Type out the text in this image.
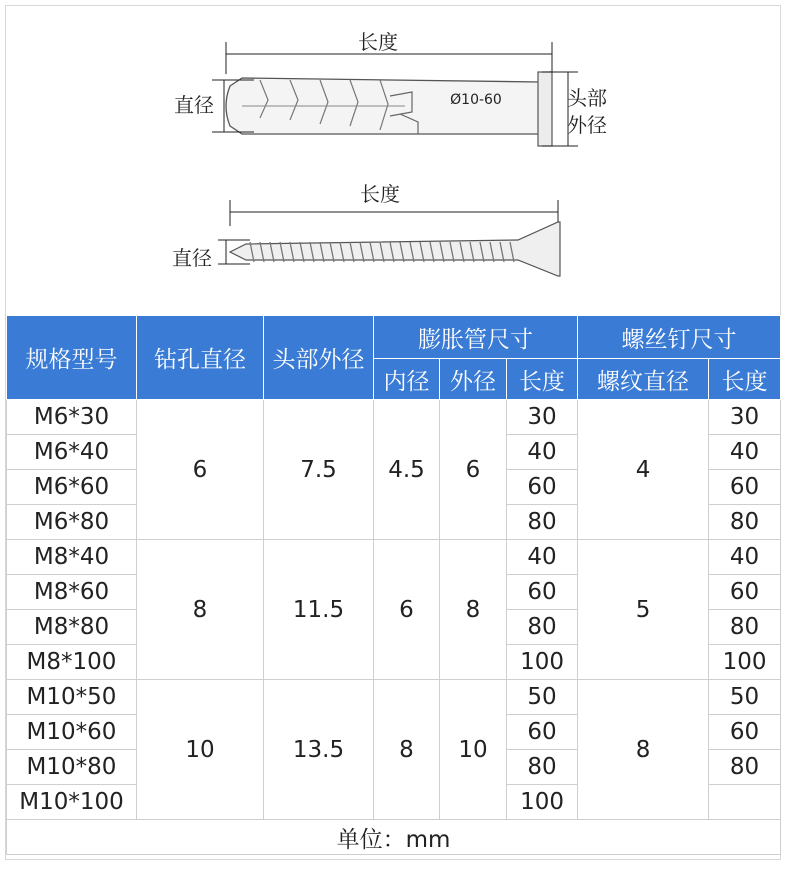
长度
Ø10-60
直径	头部
外径
长度
直径
规格型号	钻孔直径	头部外径	膨胀管尺寸			螺丝钉尺寸	
			内径	外径	长度	螺纹直径	长度
M6*30	6	7.5	4.5	6	30	4	30
M6*40					40		40
M6*60					60		60
M6*80					80		80
M8*40	8	11.5	6	8	40	5	40
M8*60					60		60
M8*80					80		80
M8*100					100		100
M10*50	10	13.5	8	10	50	8	50
M10*60					60		60
M10*80					80		80
M10*100					100		
单位：mm							
